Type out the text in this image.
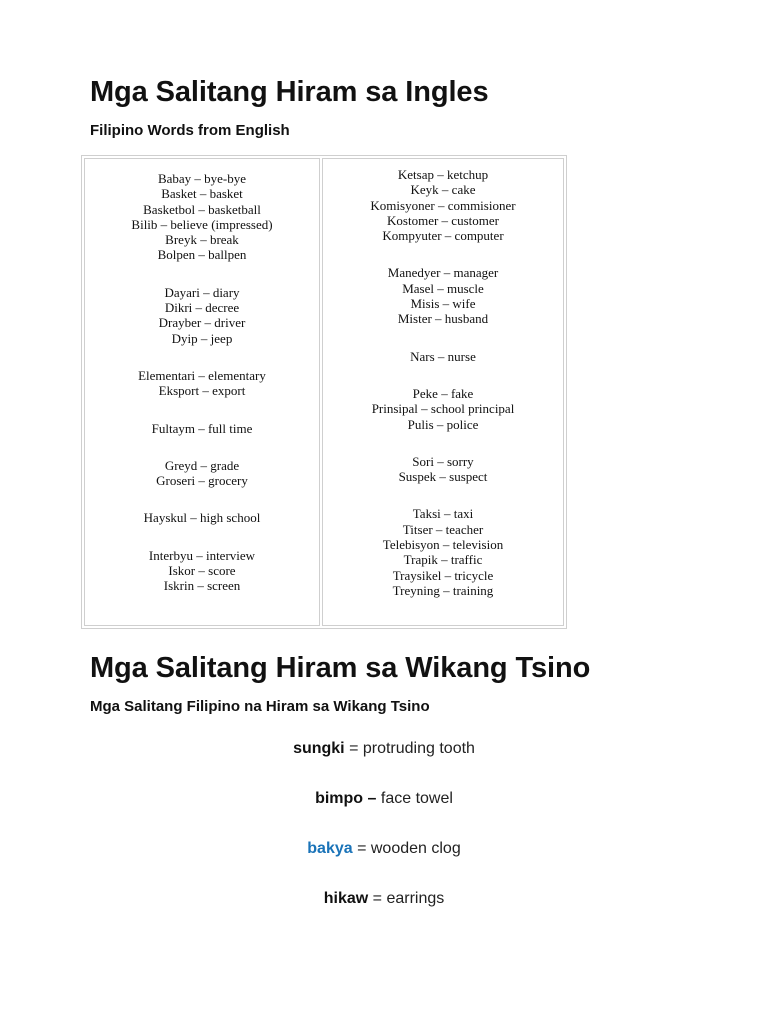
Mga Salitang Hiram sa Ingles
Filipino Words from English
Babay – bye-bye
Basket – basket
Basketbol – basketball
Bilib – believe (impressed)
Breyk – break
Bolpen – ballpen
Dayari – diary
Dikri – decree
Drayber – driver
Dyip – jeep
Elementari – elementary
Eksport – export
Fultaym – full time
Greyd – grade
Groseri – grocery
Hayskul – high school
Interbyu – interview
Iskor – score
Iskrin – screen
Ketsap – ketchup
Keyk – cake
Komisyoner – commisioner
Kostomer – customer
Kompyuter – computer
Manedyer – manager
Masel – muscle
Misis – wife
Mister – husband
Nars – nurse
Peke – fake
Prinsipal – school principal
Pulis – police
Sori – sorry
Suspek – suspect
Taksi – taxi
Titser – teacher
Telebisyon – television
Trapik – traffic
Traysikel – tricycle
Treyning – training
Mga Salitang Hiram sa Wikang Tsino
Mga Salitang Filipino na Hiram sa Wikang Tsino
sungki = protruding tooth
bimpo – face towel
bakya = wooden clog
hikaw = earrings
